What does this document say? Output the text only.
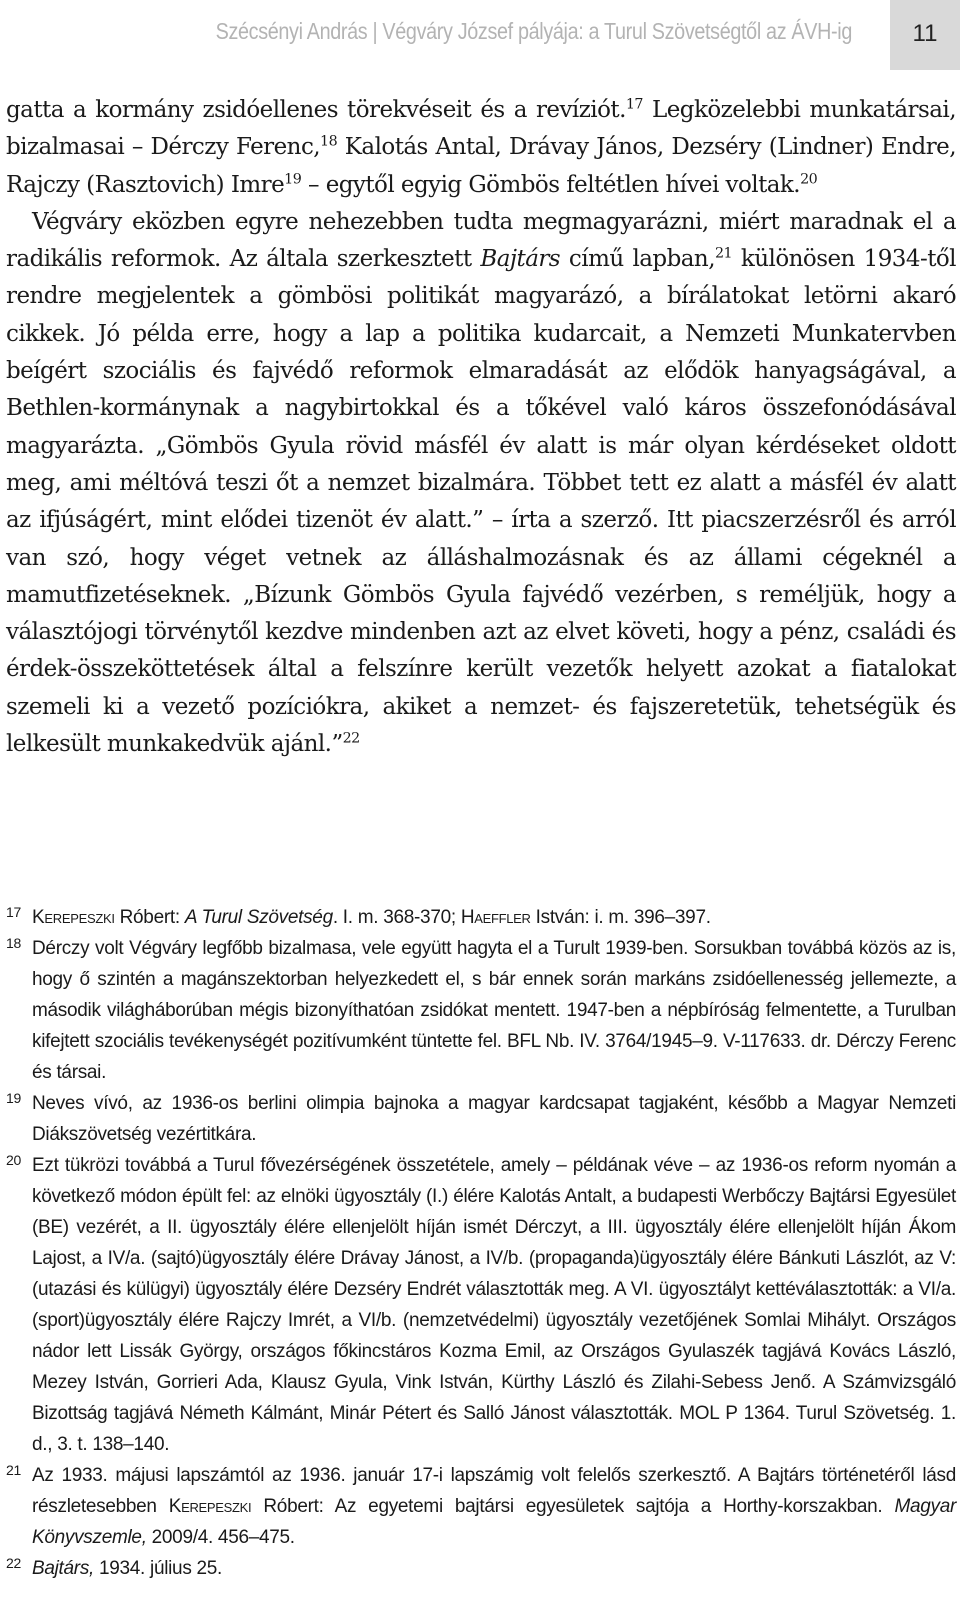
Szécsényi András | Végváry József pályája: a Turul Szövetségtől az ÁVH-ig	11

gatta a kormány zsidóellenes törekvéseit és a revíziót.$^{17}$ Legközelebbi munkatársai, bizalmasai – Dérczy Ferenc,$^{18}$ Kalotás Antal, Drávay János, Dezséry (Lindner) Endre, Rajczy (Rasztovich) Imre$^{19}$ – egytől egyig Gömbös feltétlen hívei voltak.$^{20}$

Végváry eközben egyre nehezebben tudta megmagyarázni, miért maradnak el a radikális reformok. Az általa szerkesztett Bajtárs című lapban,$^{21}$ különösen 1934-től rendre megjelentek a gömbösi politikát magyarázó, a bírálatokat letörni akaró cikkek. Jó példa erre, hogy a lap a politika kudarcait, a Nemzeti Munkatervben beígért szociális és fajvédő reformok elmaradását az elődök hanyagságával, a Bethlen-kormánynak a nagybirtokkal és a tőkével való káros összefonódásával magyarázta. „Gömbös Gyula rövid másfél év alatt is már olyan kérdéseket oldott meg, ami méltóvá teszi őt a nemzet bizalmára. Többet tett ez alatt a másfél év alatt az ifjúságért, mint elődei tizenöt év alatt.” – írta a szerző. Itt piacszerzésről és arról van szó, hogy véget vetnek az álláshalmozásnak és az állami cégeknél a mamutfizetéseknek. „Bízunk Gömbös Gyula fajvédő vezérben, s reméljük, hogy a választójogi törvénytől kezdve mindenben azt az elvet követi, hogy a pénz, családi és érdek-összeköttetések által a felszínre került vezetők helyett azokat a fiatalokat szemeli ki a vezető pozíciókra, akiket a nemzet- és fajszeretetük, tehetségük és lelkesült munkakedvük ajánl.”$^{22}$

17 Kerepeszki Róbert: A Turul Szövetség. I. m. 368-370; Haeffler István: i. m. 396–397.
18 Dérczy volt Végváry legfőbb bizalmasa, vele együtt hagyta el a Turult 1939-ben. Sorsukban továbbá közös az is, hogy ő szintén a magánszektorban helyezkedett el, s bár ennek során markáns zsidóellenesség jellemezte, a második világháborúban mégis bizonyíthatóan zsidókat mentett. 1947-ben a népbíróság felmentette, a Turulban kifejtett szociális tevékenységét pozitívumként tüntette fel. BFL Nb. IV. 3764/1945–9. V-117633. dr. Dérczy Ferenc és társai.
19 Neves vívó, az 1936-os berlini olimpia bajnoka a magyar kardcsapat tagjaként, később a Magyar Nemzeti Diákszövetség vezértitkára.
20 Ezt tükrözi továbbá a Turul fővezérségének összetétele, amely – példának véve – az 1936-os reform nyomán a következő módon épült fel: az elnöki ügyosztály (I.) élére Kalotás Antalt, a budapesti Werbőczy Bajtársi Egyesület (BE) vezérét, a II. ügyosztály élére ellenjelölt híján ismét Dérczyt, a III. ügyosztály élére ellenjelölt híján Ákom Lajost, a IV/a. (sajtó)ügyosztály élére Drávay Jánost, a IV/b. (propaganda)ügyosztály élére Bánkuti Lászlót, az V: (utazási és külügyi) ügyosztály élére Dezséry Endrét választották meg. A VI. ügyosztályt kettéválasztották: a VI/a. (sport)ügyosztály élére Rajczy Imrét, a VI/b. (nemzetvédelmi) ügyosztály vezetőjének Somlai Mihályt. Országos nádor lett Lissák György, országos főkincstáros Kozma Emil, az Országos Gyulaszék tagjává Kovács László, Mezey István, Gorrieri Ada, Klausz Gyula, Vink István, Kürthy László és Zilahi-Sebess Jenő. A Számvizsgáló Bizottság tagjává Németh Kálmánt, Minár Pétert és Salló Jánost választották. MOL P 1364. Turul Szövetség. 1. d., 3. t. 138–140.
21 Az 1933. májusi lapszámtól az 1936. január 17-i lapszámig volt felelős szerkesztő. A Bajtárs történetéről lásd részletesebben Kerepeszki Róbert: Az egyetemi bajtársi egyesületek sajtója a Horthy-korszakban. Magyar Könyvszemle, 2009/4. 456–475.
22 Bajtárs, 1934. július 25.
